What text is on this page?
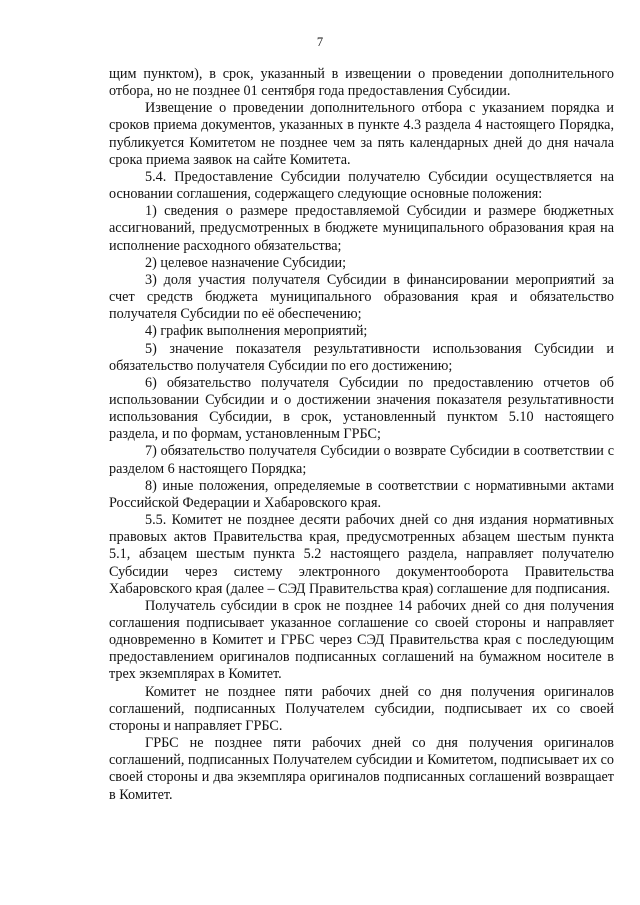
7

щим пунктом), в срок, указанный в извещении о проведении дополнительного отбора, но не позднее 01 сентября года предоставления Субсидии.

Извещение о проведении дополнительного отбора с указанием порядка и сроков приема документов, указанных в пункте 4.3 раздела 4 настоящего Порядка, публикуется Комитетом не позднее чем за пять календарных дней до дня начала срока приема заявок на сайте Комитета.

5.4. Предоставление Субсидии получателю Субсидии осуществляется на основании соглашения, содержащего следующие основные положения:

1) сведения о размере предоставляемой Субсидии и размере бюджетных ассигнований, предусмотренных в бюджете муниципального образования края на исполнение расходного обязательства;

2) целевое назначение Субсидии;

3) доля участия получателя Субсидии в финансировании мероприятий за счет средств бюджета муниципального образования края и обязательство получателя Субсидии по её обеспечению;

4) график выполнения мероприятий;

5) значение показателя результативности использования Субсидии и обязательство получателя Субсидии по его достижению;

6) обязательство получателя Субсидии по предоставлению отчетов об использовании Субсидии и о достижении значения показателя результативности использования Субсидии, в срок, установленный пунктом 5.10 настоящего раздела, и по формам, установленным ГРБС;

7) обязательство получателя Субсидии о возврате Субсидии в соответствии с разделом 6 настоящего Порядка;

8) иные положения, определяемые в соответствии с нормативными актами Российской Федерации и Хабаровского края.

5.5. Комитет не позднее десяти рабочих дней со дня издания нормативных правовых актов Правительства края, предусмотренных абзацем шестым пункта 5.1, абзацем шестым пункта 5.2 настоящего раздела, направляет получателю Субсидии через систему электронного документооборота Правительства Хабаровского края (далее – СЭД Правительства края) соглашение для подписания.

Получатель субсидии в срок не позднее 14 рабочих дней со дня получения соглашения подписывает указанное соглашение со своей стороны и направляет одновременно в Комитет и ГРБС через СЭД Правительства края с последующим предоставлением оригиналов подписанных соглашений на бумажном носителе в трех экземплярах в Комитет.

Комитет не позднее пяти рабочих дней со дня получения оригиналов соглашений, подписанных Получателем субсидии, подписывает их со своей стороны и направляет ГРБС.

ГРБС не позднее пяти рабочих дней со дня получения оригиналов соглашений, подписанных Получателем субсидии и Комитетом, подписывает их со своей стороны и два экземпляра оригиналов подписанных соглашений возвращает в Комитет.
